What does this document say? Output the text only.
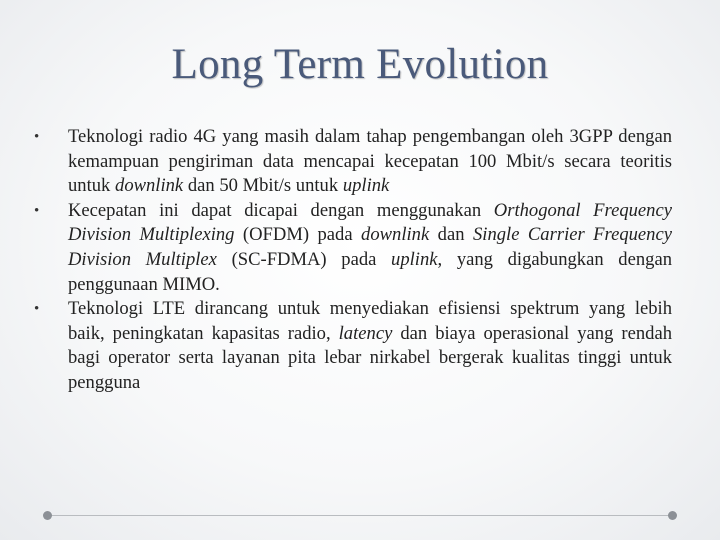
Long Term Evolution
• Teknologi radio 4G yang masih dalam tahap pengembangan oleh 3GPP dengan kemampuan pengiriman data mencapai kecepatan 100 Mbit/s secara teoritis untuk downlink dan 50 Mbit/s untuk uplink
• Kecepatan ini dapat dicapai dengan menggunakan Orthogonal Frequency Division Multiplexing (OFDM) pada downlink dan Single Carrier Frequency Division Multiplex (SC-FDMA) pada uplink, yang digabungkan dengan penggunaan MIMO.
• Teknologi LTE dirancang untuk menyediakan efisiensi spektrum yang lebih baik, peningkatan kapasitas radio, latency dan biaya operasional yang rendah bagi operator serta layanan pita lebar nirkabel bergerak kualitas tinggi untuk pengguna
